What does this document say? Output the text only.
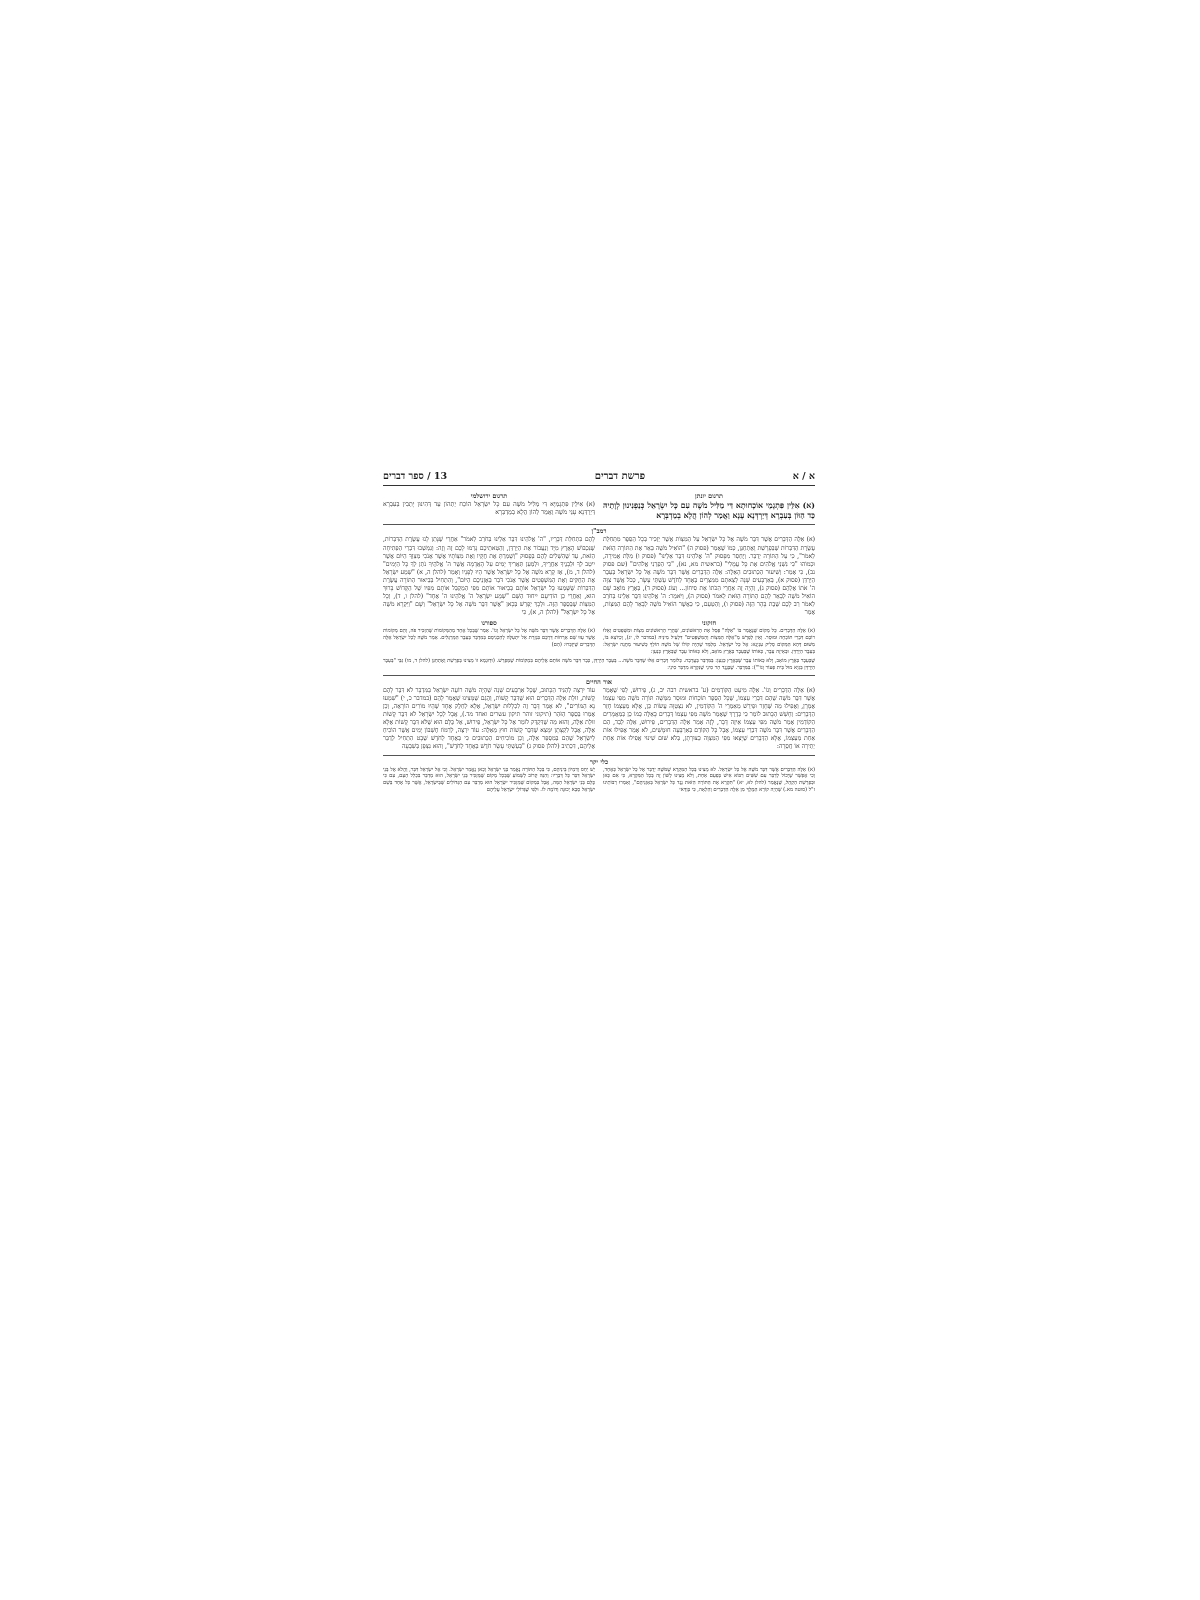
א / א
פרשת דברים
13 / ספר דברים
תרגום יונתן

(א) אִלֵּין פִּתְגָמֵי אוֹכָחוּתָא דִּי מַלִּיל מֹשֶׁה עִם כָּל יִשְׂרָאֵל כְּנַפְנִינוּן לְוָתֵיהּ כַּד הַוּוֹן בְּעִבְרָא דְּיַרְדְּנָא עָנָא וַאֲמַר לְהוֹן הֲלָא בְמַדְבְּרָא

תרגום ירושלמי

(א) אִילֵּין פִּתְגָמַיָּא דִּי מַלִּיל מֹשֶׁה עִם כָּל יִשְׂרָאֵל הוֹכַח יַתְהוֹן עַד דְּהִינוּן יָתְבִין בְּעִבְרָא דְּיַרְדְּנָא עָנֵי מֹשֶׁה וַאֲמַר לְהוֹן הֲלָא בְמַדְבְּרָא

רמב"ן

(א) אֵלֶּה הַדְּבָרִים אֲשֶׁר דִּבֶּר מֹשֶׁה אֶל כָּל יִשְׂרָאֵל עַל הַמִּצְוֹת אֲשֶׁר יַזְכִּיר בְּכָל הַסֵּפֶר מִתְּחִלַּת עֲשֶׂרֶת הַדִּבְּרוֹת שֶׁבְּפָרָשַׁת וָאֶתְחַנַּן, כְּמוֹ שֶׁאָמַר (פסוק ה) "הוֹאִיל מֹשֶׁה בֵּאֵר אֶת הַתּוֹרָה הַזֹּאת לֵאמֹר", כִּי עַל הַתּוֹרָה יְדַבֵּר. וְיֶחְסַר מִפָּסוּק "ה' אֱלֹהֵינוּ דִּבֶּר אֵלֵינוּ" (פסוק ו) מִלַּת אֲמִירָה, וּכְמוֹהוּ "כִּי נִשְׁנֵי אֱלֹהִים אֶת כָּל עֲמָלִי" (בראשית מא, נא), "כִּי הַפְרַנִי אֱלֹהִים" (שם פסוק נב), כִּי אָמַר: וְשִׁיעוּר הַכְּתוּבִים הָאֵלֶּה: אֵלֶּה הַדְּבָרִים אֲשֶׁר דִּבֶּר מֹשֶׁה אֶל כָּל יִשְׂרָאֵל בְּעֵבֶר הַיַּרְדֵּן (פסוק א), בְּאַרְבָּעִים שָׁנָה לְצֵאתָם מִמִּצְרַיִם בְּאֶחָד לַחֹדֶשׁ עַשְׁתֵּי עָשָׂר, כְּכֹל אֲשֶׁר צִוָּה ה' אֹתוֹ אֲלֵהֶם (פסוק ג), וְהָיָה זֶה אַחֲרֵי הַכֹּתוֹ אֶת סִיחוֹן... וְעוֹג (פסוק ד), בְּאֶרֶץ מוֹאָב שָׁם הוֹאִיל מֹשֶׁה לְבָאֵר לָהֶם הַתּוֹרָה הַזֹּאת לֵאמֹר (פסוק ה), וַיֹּאמַר: ה' אֱלֹהֵינוּ דִּבֶּר אֵלֵינוּ בְּחֹרֵב לֵאמֹר רַב לָכֶם שֶׁבֶת בָּהָר הַזֶּה (פסוק ו), וְהַטַּעַם, כִּי כַּאֲשֶׁר הוֹאִיל מֹשֶׁה לְבָאֵר לָהֶם הַמִּצְוֹת, אָמַר

חזקוני

(א) אֵלֶּה הַדְּבָרִים. כָּל מָקוֹם שֶׁנֶּאֱמַר בּוֹ "אֵלֶּה" פָּסַל אֶת הָרִאשׁוֹנִים, שֶׁהֲרֵי הָרִאשׁוֹנִים מִצְוֹת וּמִשְׁפָּטִים וְאֵלּוּ רוֹבָם דִּבְרֵי תּוֹכָחָה וּמוּסָר. וְאֵין לְפָרֵשׁ מֵ"אֵלֶּה הַמִּצְוֹת וְהַמִּשְׁפָּטִים" דִּלְעֵיל מִינֵּיהּ (במדבר לו, יג), וְכַיּוֹצֵא בּוֹ, מִשּׁוּם דְּהָא הַמְּקוֹם סָלִיק עִנְיָנָא: אֶל כָּל יִשְׂרָאֵל. מְלַמֵּד שֶׁהָיָה קוֹלוֹ שֶׁל מֹשֶׁה הוֹלֵךְ כְּשִׁיעוּר מַחֲנֵה יִשְׂרָאֵל: בְּעֵבֶר הַיַּרְדֵּן. וּבְאֵיזֶה עֵבֶר, כְּאוֹתוֹ שֶׁבְּעֵבֶר בְּאֶרֶץ מוֹאָב, וְלֹא כְּאוֹתוֹ עֵבֶר שֶׁבְּאֶרֶץ כְּנַעַן:

לָהֶם בִּתְחִלַּת דְּבָרָיו, "ה' אֱלֹהֵינוּ דִּבֶּר אֵלֵינוּ בְּחֹרֵב לֵאמֹר" אַחֲרֵי שֶׁנָּתַן לָנוּ עֲשֶׂרֶת הַדִּבְּרוֹת, שֶׁנִּכְבּוֹשׁ הָאָרֶץ מִיָּד וְנַעֲבוֹר אֶת הַיַּרְדֵּן, וְהַטְאתֵיכֶם גָּרְמוּ לָכֶם זֶה וָזֶה: וְנִמְשְׁכוּ דִּבְרֵי הַפְּתִיחָה הַזֹּאת, עַד שֶׁהִשְׁלִים לָהֶם בְּפָסוּק "וְשָׁמַרְתָּ אֶת חֻקָּיו וְאֶת מִצְוֹתָיו אֲשֶׁר אָנֹכִי מְצַוְּךָ הַיּוֹם אֲשֶׁר יִיטַב לְךָ וּלְבָנֶיךָ אַחֲרֶיךָ, וּלְמַעַן תַּאֲרִיךְ יָמִים עַל הָאֲדָמָה אֲשֶׁר ה' אֱלֹהֶיךָ נֹתֵן לְךָ כָּל הַיָּמִים" (להלן ד, מ), אָז קָרָא מֹשֶׁה אֶל כָּל יִשְׂרָאֵל אֲשֶׁר הָיוּ לְפָנָיו וְאָמַר (להלן ה, א) "שְׁמַע יִשְׂרָאֵל אֶת הַחֻקִּים וְאֶת הַמִּשְׁפָּטִים אֲשֶׁר אָנֹכִי דֹּבֵר בְּאָזְנֵיכֶם הַיּוֹם", וְהִתְחִיל בְּבֵיאוּר הַתּוֹרָה עֲשֶׂרֶת הַדִּבְּרוֹת שֶׁשָּׁמְעוּ כָּל יִשְׂרָאֵל אוֹתָם בְּבֵיאוּר אוֹתָם מִפִּי הַמְקַבֵּל אוֹתָם מִפִּיו שֶׁל הַקָּדוֹשׁ בָּרוּךְ הוּא, וְאַחֲרֵי כֵן הוֹדִיעָם יִיחוּד הַשֵּׁם "שְׁמַע יִשְׂרָאֵל ה' אֱלֹהֵינוּ ה' אֶחָד" (להלן ו, ד), וְכָל הַמִּצְוֹת שֶׁבַּסֵּפֶר הַזֶּה. וּלְכָךְ יְפָרֵשׁ בְּכָאן "אֲשֶׁר דִּבֶּר מֹשֶׁה אֶל כָּל יִשְׂרָאֵל" וְשָׁם "וַיִּקְרָא מֹשֶׁה אֶל כָּל יִשְׂרָאֵל" (להלן ה, א), כִּי

ספורנו

(א) אֵלֶּה הַדְּבָרִים אֲשֶׁר דִּבֶּר מֹשֶׁה אֶל כָּל יִשְׂרָאֵל וְגוֹ'. אָמַר שֶׁבְּכָל אֶחָד מֵהַמְּקוֹמוֹת שֶׁהִזְכִּיר פֹּה, וְהֵם מְקוֹמוֹת אֲשֶׁר עָווּ שָׁם אָרְחוֹת דַּרְכָּם בִּגְזֵרַת אַל יִתְעַלֶּה לְהַכְנִיסָם בַּמִּדְבָּר בְּעֵבֶר הַמְּרַגְּלִים. אָמַר מֹשֶׁה לְכָל יִשְׂרָאֵל אֵלֶּה הַדְּבָרִים שֶׁיִּזְכְּרוּ: (הַם)

שֶׁבְּעֵבֶר בְּאֶרֶץ מוֹאָב, וְלֹא כְּאוֹתוֹ עֵבֶר שֶׁבְּאֶרֶץ כְּנַעַן: בַּמִּדְבָּר בָּעֲרָבָה. כְּלוֹמַר דְּבָרִים אֵלּוּ שֶׁדִּבֶּר מֹשֶׁה... בְּעֵבֶר הַיַּרְדֵּן, כְּבָר דִּבֶּר מֹשֶׁה אוֹתָם אֲלֵיהֶם בִּמְקוֹמוֹת שֶׁמְּפָרֵשׁ. (וּדְוּגְמָא זוֹ מָצִינוּ בְּפָרָשַׁת וָאֶתְחַנַּן (להלן ד, מו) גַּבֵּי "בְּעֵבֶר הַיַּרְדֵּן בַּגַּיְא מוּל בֵּית פְּעוֹר וְגוֹ'"): בַּמִּדְבָּר. שֶׁבְּנֶגֶד הַר סִינַי שֶׁנִּקְרָא מִדְבַּר סִינַי:

אור החיים

(א) אֵלֶּה הַדְּבָרִים וְגוֹ'. אֵלֶּה מִיעֵט הַקּוֹדְמִים (ע' בראשית רבה יב, ג), פֵּירוּשׁ, לְפִי שֶׁאָמַר אֲשֶׁר דִּבֶּר מֹשֶׁה שֶׁהֵם דִּבְרֵי עַצְמוֹ, שֶׁכָּל הַסֵּפֶר תּוֹכָחוֹת וּמוּסָר מִמְּשָׁה תּוֹרָה מֹשֶׁה מִפִּי עַצְמוֹ אֲמָרָן, וַאֲפִילוּ מַה שֶּׁחָזַר וּפֵירֵשׁ מֵאַמְרֵי ה' הַקּוֹדְמִין, לֹא נִצְטַוָּה עֲשׂוֹת כֵּן, אֶלָּא מֵעַצְמוֹ חָזַר הַדְּבָרִים: וְחָשַׁשׁ הַכָּתוּב לוֹמַר כִּי כְּדֶרֶךְ שֶׁאָמַר מֹשֶׁה מִפִּי עַצְמוֹ דְּבָרִים כָּאֵלֶּה כְּמוֹ כֵן כְּמַאֲמָרִים הַקּוֹדְמִין אָמַר מֹשֶׁה מִפִּי עַצְמוֹ אֵיזֶה דָּבָר, לָזֶה אָמַר אֵלֶּה הַדְּבָרִים, פֵּירוּשׁ, אֵלֶּה לְבַד, הֵם הַדְּבָרִים אֲשֶׁר דִּבֶּר מֹשֶׁה דִּבְרֵי עַצְמוֹ, אֲבָל כָּל הַקּוֹדֵם בְּאַרְבָּעָה חוּמָשִׁים, לֹא אָמַר אֲפִילוּ אוֹת אַחַת מֵעַצְמוֹ, אֶלָּא הַדְּבָרִים שֶׁיָּצְאוּ מִפִּי הַמִּצְוָה כְּצוּרָתָן, בְּלֹא שׁוּם שִׁינּוּי אֲפִילוּ אוֹת אַחַת יְתֵירָה אוֹ חֲסֵרָה:

עוֹד יִרְצֶה לְהַגִּיד הַכָּתוּב, שֶׁכָּל אַרְבָּעִים שָׁנָה שֶׁהָיָה מֹשֶׁה רוֹעֶה יִשְׂרָאֵל בַּמִּדְבָּר לֹא דִּבֶּר לָהֶם קָשׁוֹת, זוּלַת אֵלֶּה הַדְּבָרִים הוּא שֶׁדִּבֶּר קָשׁוֹת, וְהֲגַם שֶׁמָּצִינוּ שֶׁאָמַר לָהֶם (במדבר כ, י) "שִׁמְעוּ נָא הַמּוֹרִים", לֹא אָמַר דָּבָר זֶה לִכְלָלוּת יִשְׂרָאֵל, אֶלָּא לְחֵלֶק אֶחָד שֶׁהָיוּ מוֹרִים הוֹרָאָה, וְכֵן אָמְרוּ בְּסֵפֶר הַזֹּהַר (תיקוני זוהר תיקון עשרים ואחד מד.), אֲבָל לְכָל יִשְׂרָאֵל לֹא דִּבֶּר קָשׁוֹת זוּלַת אֵלֶּה, וְהוּא מַה שֶׁדִּקְדֵּק לוֹמַר אֶל כָּל יִשְׂרָאֵל, פֵּירוּשׁ, אֶל כֻּלָּם הוּא שֶׁלֹּא דִּבֶּר קָשׁוֹת אֶלָּא אֵלֶּה, אֲבָל לִקְצָתָן יִמָּצֵא שֶׁדִּבֶּר קָשׁוֹת חוּץ מֵאֵלֶּה: עוֹד יִרְצֶה, לְרַמּוֹז חֶשְׁבּוֹן יָמִים אֲשֶׁר הוֹכִיחַ לְיִשְׂרָאֵל שֶׁהֵם בְּמִסְפַּר אֵלֶּה, וְכֵן מוֹכִיחִים הַכְּתוּבִים כִּי בְּאֶחָד לַחֹדֶשׁ שֶׁבָט הִתְחִיל לְדַבֵּר אֲלֵיהֶם, דִּכְתִיב (להלן פסוק ג) "בְּעַשְׁתֵּי עָשָׂר חֹדֶשׁ בְּאֶחָד לַחֹדֶשׁ", וְהוּא נִצְפָּן בְּשִׁבְעָה

כלי יקר

(א) אֵלֶּה הַדְּבָרִים אֲשֶׁר דִּבֶּר מֹשֶׁה אֶל כָּל יִשְׂרָאֵל. לֹא מָצִינוּ בְּכָל הַמִּקְרָא שֶׁמֹּשֶׁה יְדַבֵּר אֶל כָּל יִשְׂרָאֵל כְּאֶחָד, וְכִי אֶפְשָׁר שֶׁיָּכוֹל לְדַבֵּר עִם שִׁשִּׁים רִבּוֹא אִישׁ בְּפַעַם אַחַת, וְלֹא מָצִינוּ לָשׁוֹן זֶה בְּכָל הַמִּקְרָא, כִּי אִם כָּאן וּבְפָרָשַׁת הַקְהֵל, שֶׁנֶּאֱמַר (להלן לא, יא) "תִּקְרָא אֶת הַתּוֹרָה הַזֹּאת נֶגֶד כָּל יִשְׂרָאֵל בְּאָזְנֵיהֶם", וְאָמְרוּ רַבּוֹתֵינוּ ז"ל (סוטה מא.) שֶׁהָיָה קוֹרֵא הַמֶּלֶךְ מִן אֵלֶּה הַדְּבָרִים וְהַלְאָה, כִּי בְּוַדַּאי

יֵשׁ יַחַס וְדִמְיוֹן בֵּינֵיהֶם, כִּי בְּכָל הַתּוֹרָה נֶאֱמַר בְּנֵי יִשְׂרָאֵל וְכָאן נֶאֱמַר יִשְׂרָאֵל. וְכִי אֶל יִשְׂרָאֵל דִּבֵּר, וַהֲלֹא אֶל בְּנֵי יִשְׂרָאֵל דִּבֵּר כָּל דְּבָרָיו: וְהִנֵּה קָרוֹב לְשָׁמוֹעַ שֶׁבְּכָל מָקוֹם שֶׁמַּזְכִּיר בְּנֵי יִשְׂרָאֵל, הוּא מְדַבֵּר בִּכְלַל הָעָם, עִם כִּי כֻּלָּם בְּנֵי יִשְׂרָאֵל הֵמָּה, אֲבָל בִּמְקוֹם שֶׁמַּזְכִּיר יִשְׂרָאֵל הוּא מְדַבֵּר עִם הַגְּדוֹלִים שֶׁבְּיִשְׂרָאֵל, אֲשֶׁר כָּל אֶחָד בְּשֵׁם יִשְׂרָאֵל סָבָא יְכוּנֶּה וְדוֹמֶה לוֹ. וּלְפִי שֶׁגְּדוֹלֵי יִשְׂרָאֵל עֲלֵיהֶם
